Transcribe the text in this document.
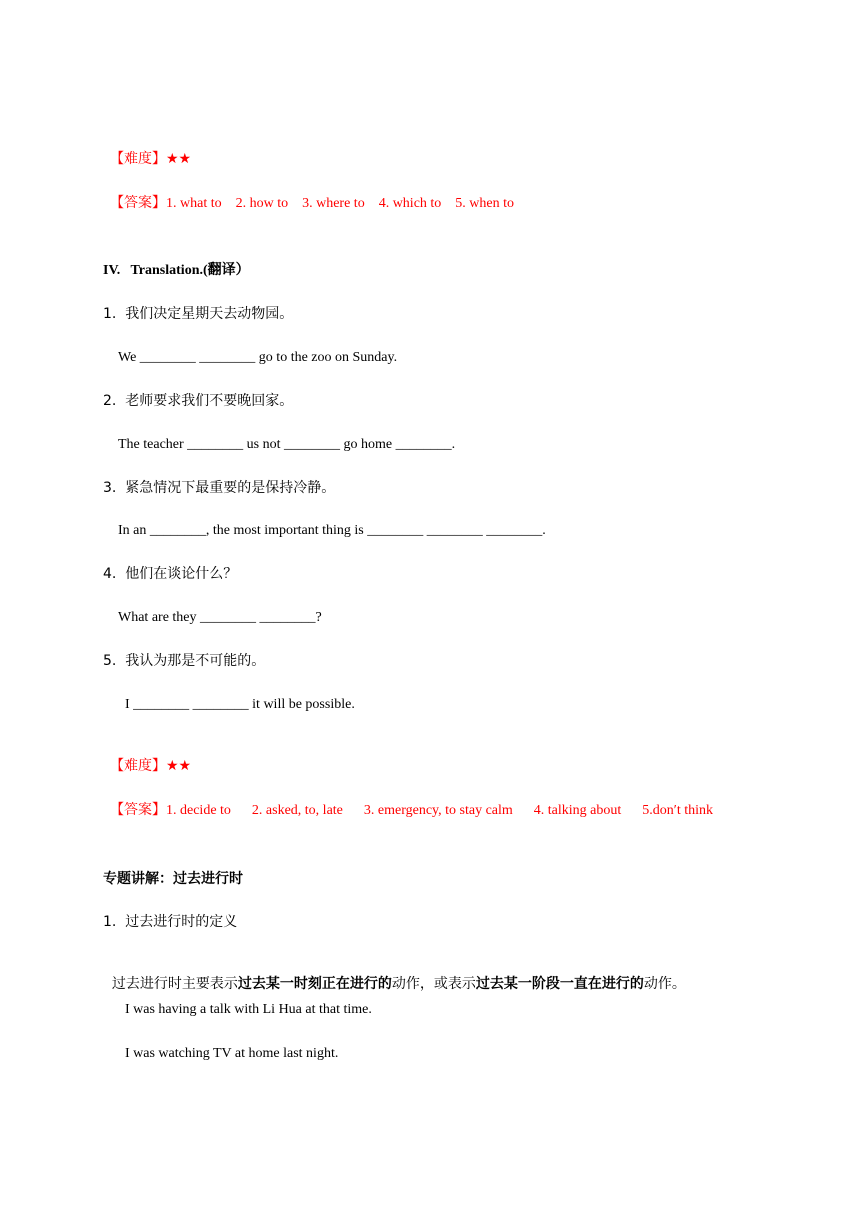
【难度】★★

【答案】1. what to    2. how to    3. where to    4. which to    5. when to

IV.   Translation.(翻译）
1.  我们决定星期天去动物园。
We ________ ________ go to the zoo on Sunday.
2.  老师要求我们不要晚回家。
The teacher ________ us not ________ go home ________.
3.  紧急情况下最重要的是保持冷静。
In an ________, the most important thing is ________ ________ ________.
4.  他们在谈论什么？
What are they ________ ________?
5.  我认为那是不可能的。
I ________ ________ it will be possible.

【难度】★★

【答案】1. decide to      2. asked, to, late      3. emergency, to stay calm      4. talking about      5.don′t think

专题讲解：过去进行时
1.  过去进行时的定义

过去进行时主要表示过去某一时刻正在进行的动作，或表示过去某一阶段一直在进行的动作。

I was having a talk with Li Hua at that time.
I was watching TV at home last night.
